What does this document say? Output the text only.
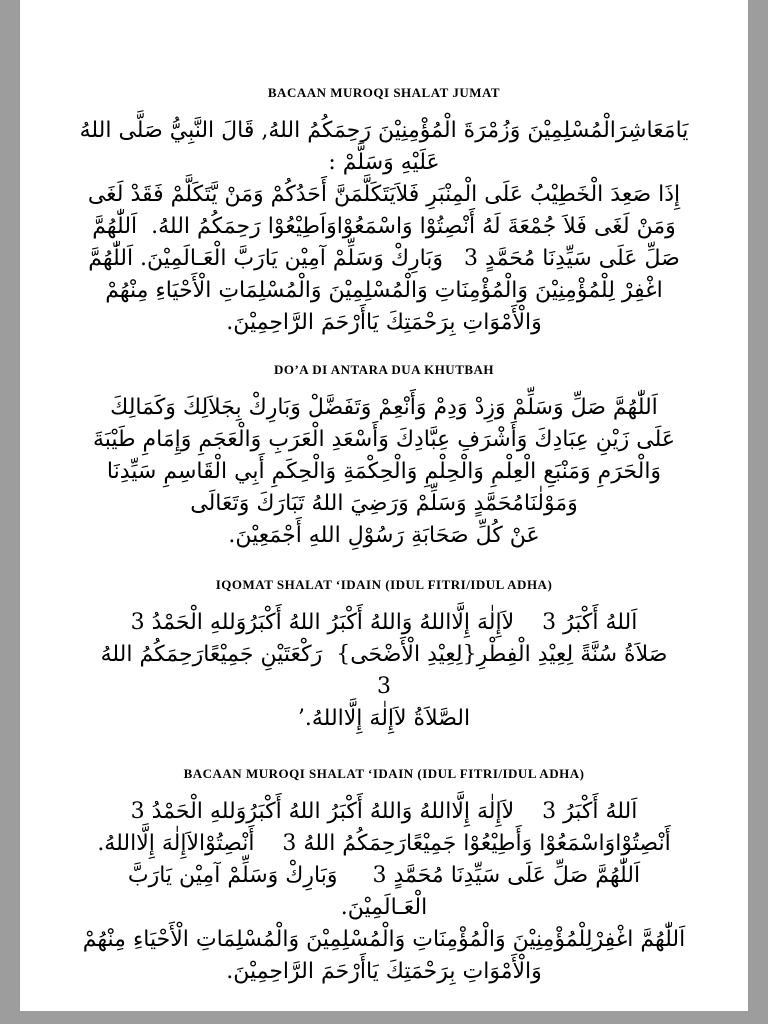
BACAAN MUROQI SHALAT JUMAT

يَامَعَاشِرَالْمُسْلِمِيْنَ وَزُمْرَةَ الْمُؤْمِنِيْنَ رَحِمَكُمُ اللهُ, قَالَ النَّبِيُّ صَلَّى اللهُ

عَلَيْهِ وَسَلَّمْ :

إِذَا صَعِدَ الْخَطِيْبُ عَلَى الْمِنْبَرِ فَلاَيَتَكَلَّمَنَّ أَحَدُكُمْ وَمَنْ يَّتَكَلَّمْ فَقَدْ لَغَى

وَمَنْ لَغَى فَلاَ جُمْعَةَ لَهُ أَنْصِتُوْا وَاسْمَعُوْاوَاَطِيْعُوْا رَحِمَكُمُ اللهُ.  اَللّٰهُمَّ

صَلِّ عَلَى سَيِّدِنَا مُحَمَّدٍ 3   وَبَارِكْ وَسَلِّمْ آمِيْن يَارَبَّ الْعَـالَمِيْنَ. اَللّٰهُمَّ

اغْفِرْ لِلْمُؤْمِنِيْنَ وَالْمُؤْمِنَاتِ وَالْمُسْلِمِيْنَ وَالْمُسْلِمَاتِ الْأَحْيَاءِ مِنْهُمْ

وَالْأَمْوَاتِ بِرَحْمَتِكَ يَاأَرْحَمَ الرَّاحِمِيْنَ.

DO’A DI ANTARA DUA KHUTBAH

اَللّٰهُمَّ صَلِّ وَسَلِّمْ وَزِدْ وَدِمْ وَأَنْعِمْ وَتَفَضَّلْ وَبَارِكْ بِجَلاَلِكَ وَكَمَالِكَ

عَلَى زَيْنِ عِبَادِكَ وَأَشْرَفِ عِبَّادِكَ وَأَسْعَدِ الْعَرَبِ وَالْعَجَمِ وَإِمَامِ طَيْبَةَ

وَالْحَرَمِ وَمَنْبَعِ الْعِلْمِ وَالْحِلْمِ وَالْحِكْمَةِ وَالْحِكَمِ أَبِي الْقَاسِمِ سَيِّدِنَا

وَمَوْلٰنَامُحَمَّدٍ وَسَلِّمْ وَرَضِيَ اللهُ تَبَارَكَ وَتَعَالَى

عَنْ كُلِّ صَحَابَةِ رَسُوْلِ اللهِ أَجْمَعِيْنَ.

IQOMAT SHALAT ‘IDAIN (IDUL FITRI/IDUL ADHA)

اَللهُ أَكْبَرُ 3    لاَإِلٰهَ إِلَّااللهُ وَاللهُ أَكْبَرُ اللهُ أَكْبَرُوَللهِ الْحَمْدُ 3

صَلاَةُ سُنَّةً لِعِيْدِ الْفِطْرِ{لِعِيْدِ الْأَضْحَى}  رَكْعَتَيْنِ جَمِيْعًارَحِمَكُمُ اللهُ

3

الصَّلاَةُ لاَإِلٰهَ إِلَّااللهُ.’

BACAAN MUROQI SHALAT ‘IDAIN (IDUL FITRI/IDUL ADHA)

اَللهُ أَكْبَرُ 3    لاَإِلٰهَ إِلَّااللهُ وَاللهُ أَكْبَرُ اللهُ أَكْبَرُوَللهِ الْحَمْدُ 3

أَنْصِتُوْاوَاسْمَعُوْا وَأَطِيْعُوْا جَمِيْعًارَحِمَكُمُ اللهُ 3    أَنْصِتُوْالاَإِلٰهَ إِلَّااللهُ.

اَللّٰهُمَّ صَلِّ عَلَى سَيِّدِنَا مُحَمَّدٍ 3     وَبَارِكْ وَسَلِّمْ آمِيْن يَارَبَّ

الْعَـالَمِيْنَ.

اَللّٰهُمَّ اغْفِرْلِلْمُؤْمِنِيْنَ وَالْمُؤْمِنَاتِ وَالْمُسْلِمِيْنَ وَالْمُسْلِمَاتِ الْأَحْيَاءِ مِنْهُمْ

وَالْأَمْوَاتِ بِرَحْمَتِكَ يَاأَرْحَمَ الرَّاحِمِيْنَ.
